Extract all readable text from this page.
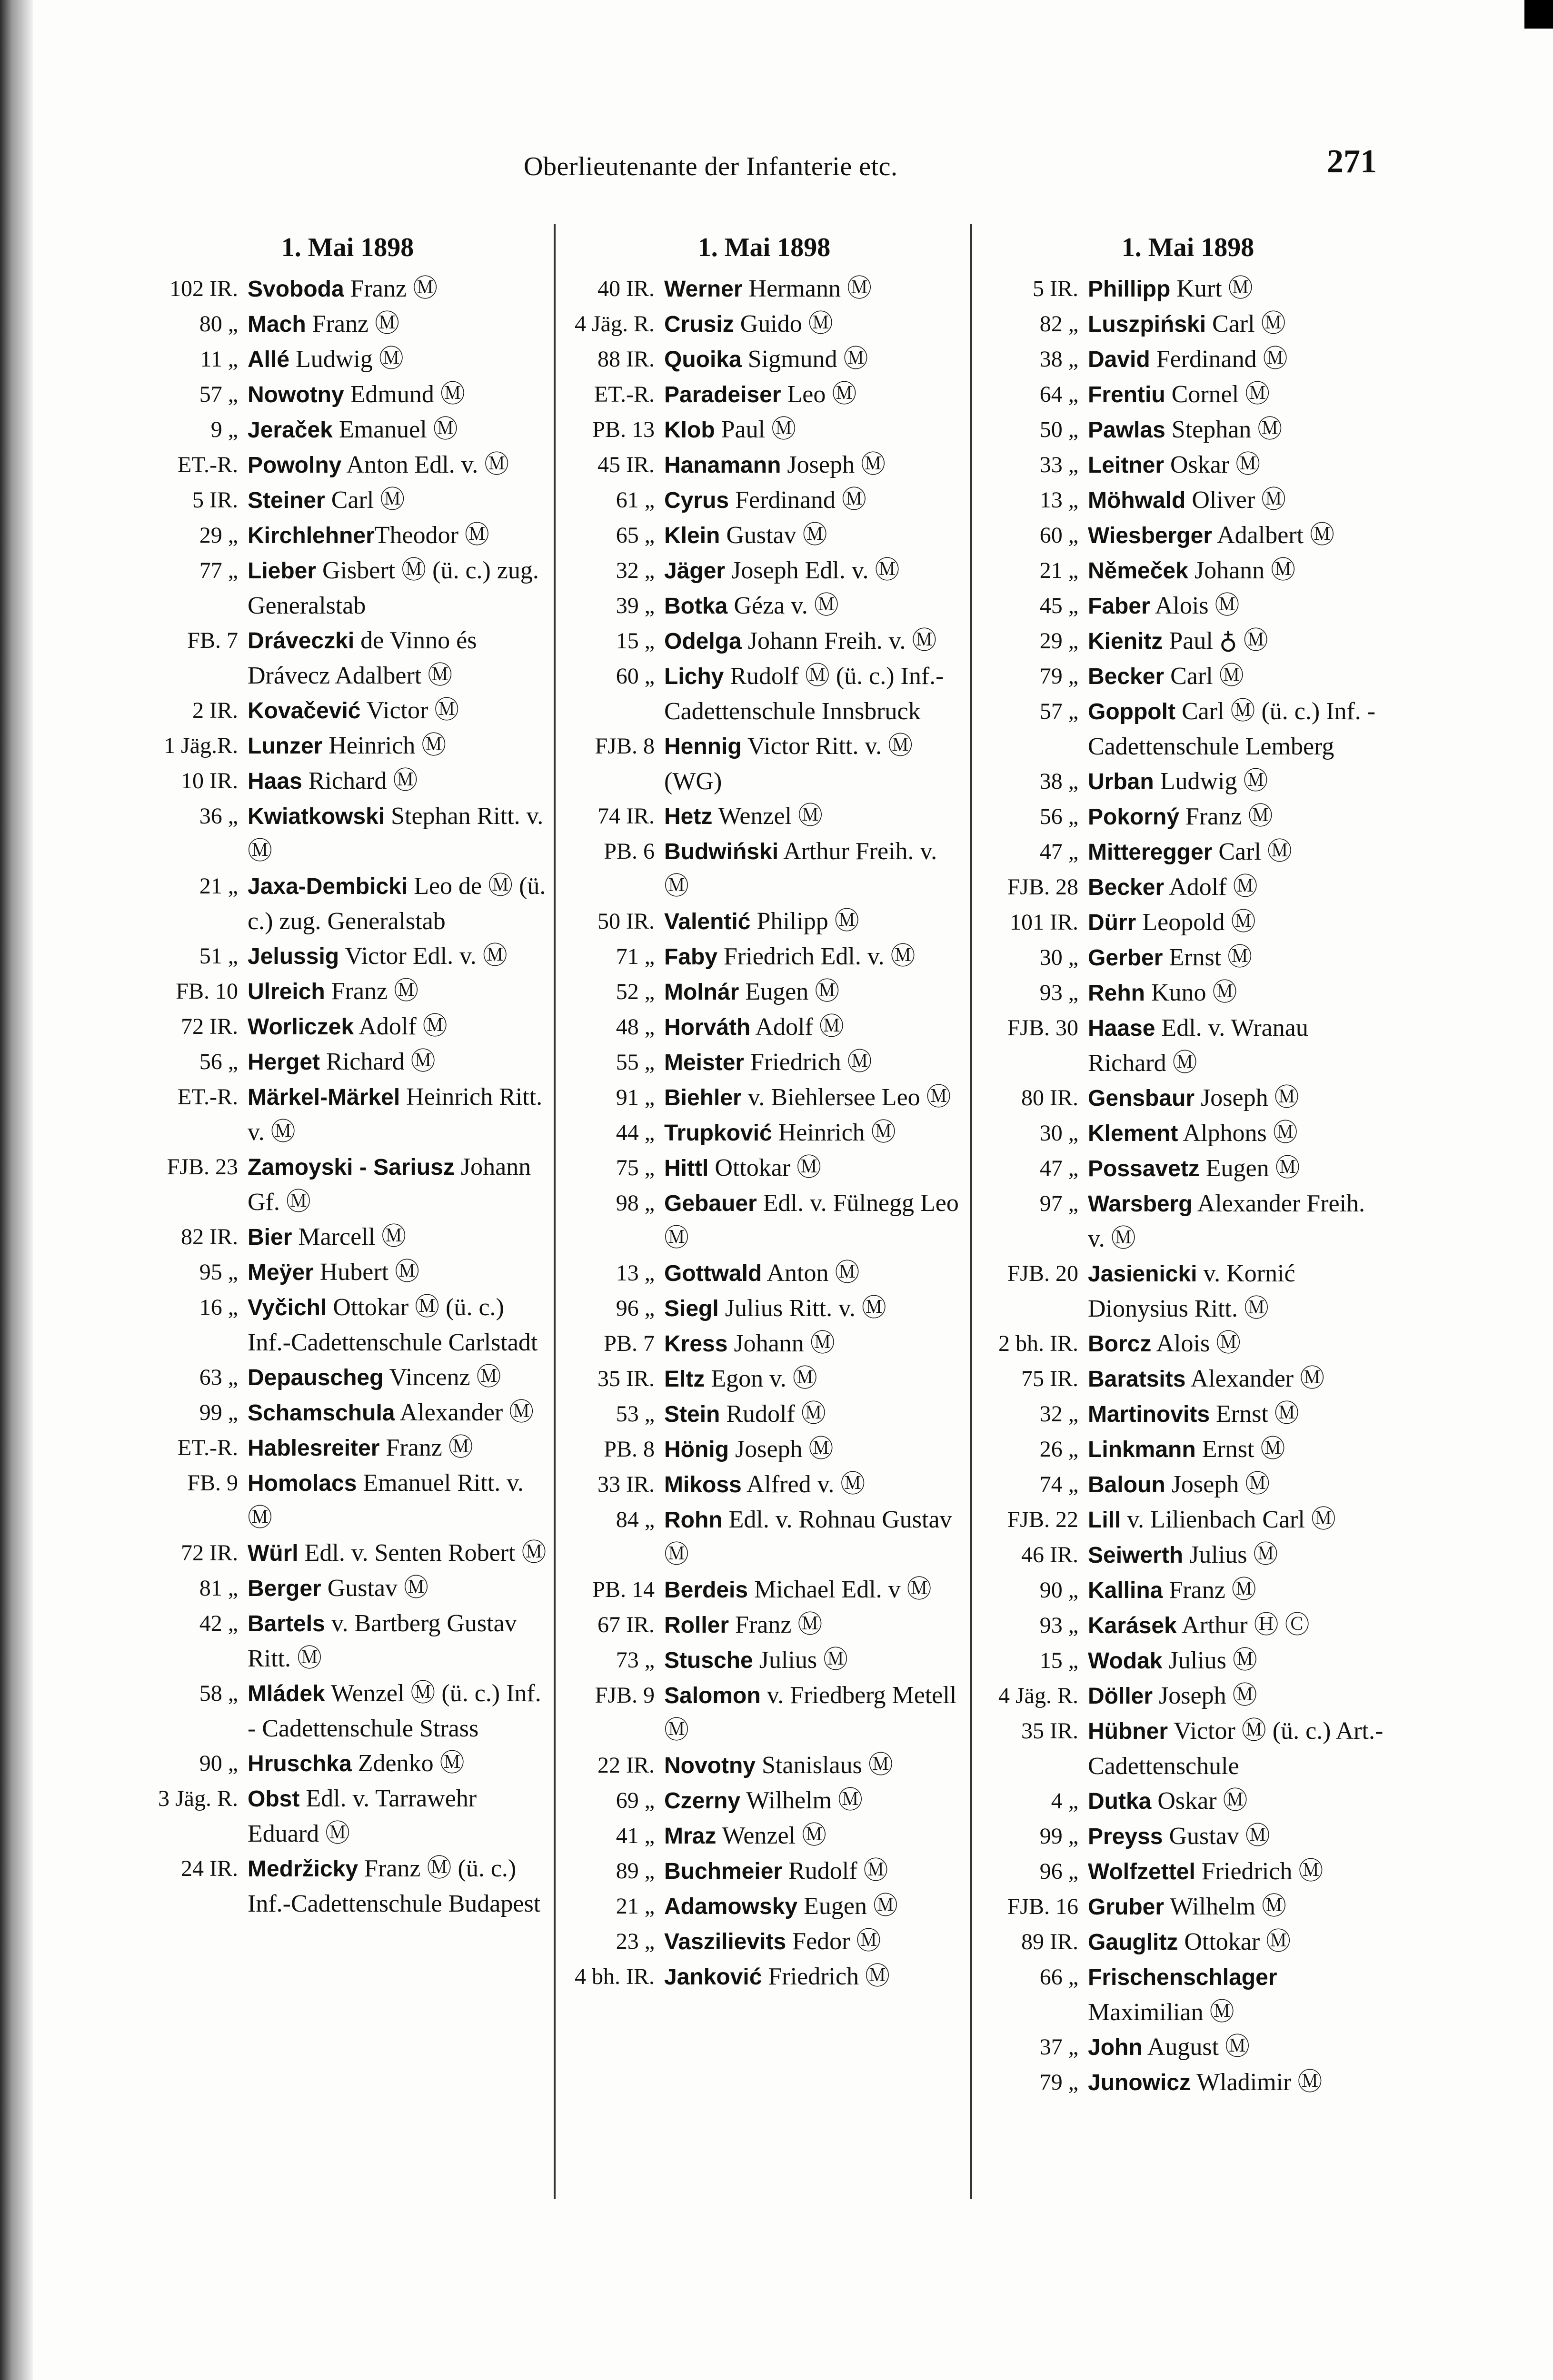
Oberlieutenante der Infanterie etc.	271
1. Mai 1898
102 IR. Svoboda Franz Ⓜ
80 „ Mach Franz Ⓜ
11 „ Allé Ludwig Ⓜ
57 „ Nowotny Edmund Ⓜ
9 „ Jeraček Emanuel Ⓜ
ET.-R. Powolny Anton Edl. v. Ⓜ
5 IR. Steiner Carl Ⓜ
29 „ KirchlehnerTheodor Ⓜ
77 „ Lieber Gisbert Ⓜ (ü. c.) zug. Generalstab
FB. 7 Dráveczki de Vinno és Drávecz Adalbert Ⓜ
2 IR. Kovačević Victor Ⓜ
1 Jäg.R. Lunzer Heinrich Ⓜ
10 IR. Haas Richard Ⓜ
36 „ Kwiatkowski Stephan Ritt. v. Ⓜ
21 „ Jaxa-Dembicki Leo de Ⓜ (ü. c.) zug. Generalstab
51 „ Jelussig Victor Edl. v. Ⓜ
FB. 10 Ulreich Franz Ⓜ
72 IR. Worliczek Adolf Ⓜ
56 „ Herget Richard Ⓜ
ET.-R. Märkel-Märkel Heinrich Ritt. v. Ⓜ
FJB. 23 Zamoyski - Sariusz Johann Gf. Ⓜ
82 IR. Bier Marcell Ⓜ
95 „ Meÿer Hubert Ⓜ
16 „ Vyčichl Ottokar Ⓜ (ü. c.) Inf.-Cadettenschule Carlstadt
63 „ Depauscheg Vincenz Ⓜ
99 „ Schamschula Alexander Ⓜ
ET.-R. Hablesreiter Franz Ⓜ
FB. 9 Homolacs Emanuel Ritt. v. Ⓜ
72 IR. Würl Edl. v. Senten Robert Ⓜ
81 „ Berger Gustav Ⓜ
42 „ Bartels v. Bartberg Gustav Ritt. Ⓜ
58 „ Mládek Wenzel Ⓜ (ü. c.) Inf. - Cadettenschule Strass
90 „ Hruschka Zdenko Ⓜ
3 Jäg. R. Obst Edl. v. Tarrawehr Eduard Ⓜ
24 IR. Medržicky Franz Ⓜ (ü. c.) Inf.-Cadettenschule Budapest
1. Mai 1898
40 IR. Werner Hermann Ⓜ
4 Jäg. R. Crusiz Guido Ⓜ
88 IR. Quoika Sigmund Ⓜ
ET.-R. Paradeiser Leo Ⓜ
PB. 13 Klob Paul Ⓜ
45 IR. Hanamann Joseph Ⓜ
61 „ Cyrus Ferdinand Ⓜ
65 „ Klein Gustav Ⓜ
32 „ Jäger Joseph Edl. v. Ⓜ
39 „ Botka Géza v. Ⓜ
15 „ Odelga Johann Freih. v. Ⓜ
60 „ Lichy Rudolf Ⓜ (ü. c.) Inf.-Cadettenschule Innsbruck
FJB. 8 Hennig Victor Ritt. v. Ⓜ (WG)
74 IR. Hetz Wenzel Ⓜ
PB. 6 Budwiński Arthur Freih. v. Ⓜ
50 IR. Valentić Philipp Ⓜ
71 „ Faby Friedrich Edl. v. Ⓜ
52 „ Molnár Eugen Ⓜ
48 „ Horváth Adolf Ⓜ
55 „ Meister Friedrich Ⓜ
91 „ Biehler v. Biehlersee Leo Ⓜ
44 „ Trupković Heinrich Ⓜ
75 „ Hittl Ottokar Ⓜ
98 „ Gebauer Edl. v. Fülnegg Leo Ⓜ
13 „ Gottwald Anton Ⓜ
96 „ Siegl Julius Ritt. v. Ⓜ
PB. 7 Kress Johann Ⓜ
35 IR. Eltz Egon v. Ⓜ
53 „ Stein Rudolf Ⓜ
PB. 8 Hönig Joseph Ⓜ
33 IR. Mikoss Alfred v. Ⓜ
84 „ Rohn Edl. v. Rohnau Gustav Ⓜ
PB. 14 Berdeis Michael Edl. v Ⓜ
67 IR. Roller Franz Ⓜ
73 „ Stusche Julius Ⓜ
FJB. 9 Salomon v. Friedberg Metell Ⓜ
22 IR. Novotny Stanislaus Ⓜ
69 „ Czerny Wilhelm Ⓜ
41 „ Mraz Wenzel Ⓜ
89 „ Buchmeier Rudolf Ⓜ
21 „ Adamowsky Eugen Ⓜ
23 „ Vaszilievits Fedor Ⓜ
4 bh. IR. Janković Friedrich Ⓜ
1. Mai 1898
5 IR. Phillipp Kurt Ⓜ
82 „ Luszpiński Carl Ⓜ
38 „ David Ferdinand Ⓜ
64 „ Frentiu Cornel Ⓜ
50 „ Pawlas Stephan Ⓜ
33 „ Leitner Oskar Ⓜ
13 „ Möhwald Oliver Ⓜ
60 „ Wiesberger Adalbert Ⓜ
21 „ Němeček Johann Ⓜ
45 „ Faber Alois Ⓜ
29 „ Kienitz Paul ♁ Ⓜ
79 „ Becker Carl Ⓜ
57 „ Goppolt Carl Ⓜ (ü. c.) Inf. - Cadettenschule Lemberg
38 „ Urban Ludwig Ⓜ
56 „ Pokorný Franz Ⓜ
47 „ Mitteregger Carl Ⓜ
FJB. 28 Becker Adolf Ⓜ
101 IR. Dürr Leopold Ⓜ
30 „ Gerber Ernst Ⓜ
93 „ Rehn Kuno Ⓜ
FJB. 30 Haase Edl. v. Wranau Richard Ⓜ
80 IR. Gensbaur Joseph Ⓜ
30 „ Klement Alphons Ⓜ
47 „ Possavetz Eugen Ⓜ
97 „ Warsberg Alexander Freih. v. Ⓜ
FJB. 20 Jasienicki v. Kornić Dionysius Ritt. Ⓜ
2 bh. IR. Borcz Alois Ⓜ
75 IR. Baratsits Alexander Ⓜ
32 „ Martinovits Ernst Ⓜ
26 „ Linkmann Ernst Ⓜ
74 „ Baloun Joseph Ⓜ
FJB. 22 Lill v. Lilienbach Carl Ⓜ
46 IR. Seiwerth Julius Ⓜ
90 „ Kallina Franz Ⓜ
93 „ Karásek Arthur Ⓗ Ⓒ
15 „ Wodak Julius Ⓜ
4 Jäg. R. Döller Joseph Ⓜ
35 IR. Hübner Victor Ⓜ (ü. c.) Art.-Cadettenschule
4 „ Dutka Oskar Ⓜ
99 „ Preyss Gustav Ⓜ
96 „ Wolfzettel Friedrich Ⓜ
FJB. 16 Gruber Wilhelm Ⓜ
89 IR. Gauglitz Ottokar Ⓜ
66 „ Frischenschlager Maximilian Ⓜ
37 „ John August Ⓜ
79 „ Junowicz Wladimir Ⓜ
